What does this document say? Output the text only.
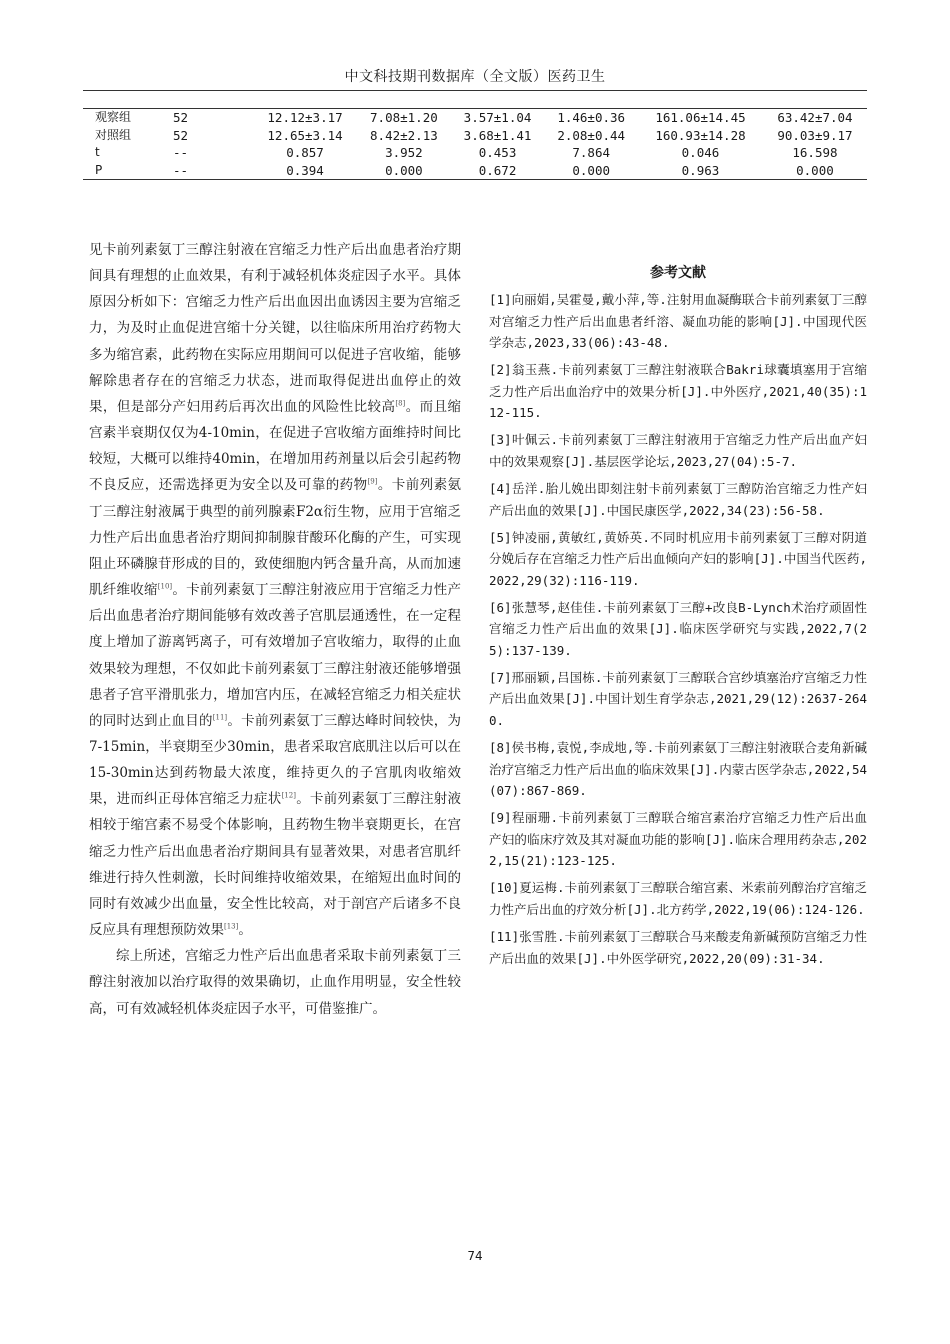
中文科技期刊数据库（全文版）医药卫生
观察组	52	12.12±3.17	7.08±1.20	3.57±1.04	1.46±0.36	161.06±14.45	63.42±7.04
对照组	52	12.65±3.14	8.42±2.13	3.68±1.41	2.08±0.44	160.93±14.28	90.03±9.17
t	--	0.857	3.952	0.453	7.864	0.046	16.598
P	--	0.394	0.000	0.672	0.000	0.963	0.000

见卡前列素氨丁三醇注射液在宫缩乏力性产后出血患者治疗期间具有理想的止血效果，有利于减轻机体炎症因子水平。具体原因分析如下：宫缩乏力性产后出血因出血诱因主要为宫缩乏力，为及时止血促进宫缩十分关键，以往临床所用治疗药物大多为缩宫素，此药物在实际应用期间可以促进子宫收缩，能够解除患者存在的宫缩乏力状态，进而取得促进出血停止的效果，但是部分产妇用药后再次出血的风险性比较高[8]。而且缩宫素半衰期仅仅为4-10min，在促进子宫收缩方面维持时间比较短，大概可以维持40min，在增加用药剂量以后会引起药物不良反应，还需选择更为安全以及可靠的药物[9]。卡前列素氨丁三醇注射液属于典型的前列腺素F2α衍生物，应用于宫缩乏力性产后出血患者治疗期间抑制腺苷酸环化酶的产生，可实现阻止环磷腺苷形成的目的，致使细胞内钙含量升高，从而加速肌纤维收缩[10]。卡前列素氨丁三醇注射液应用于宫缩乏力性产后出血患者治疗期间能够有效改善子宫肌层通透性，在一定程度上增加了游离钙离子，可有效增加子宫收缩力，取得的止血效果较为理想，不仅如此卡前列素氨丁三醇注射液还能够增强患者子宫平滑肌张力，增加宫内压，在减轻宫缩乏力相关症状的同时达到止血目的[11]。卡前列素氨丁三醇达峰时间较快，为7-15min，半衰期至少30min，患者采取宫底肌注以后可以在15-30min达到药物最大浓度，维持更久的子宫肌肉收缩效果，进而纠正母体宫缩乏力症状[12]。卡前列素氨丁三醇注射液相较于缩宫素不易受个体影响，且药物生物半衰期更长，在宫缩乏力性产后出血患者治疗期间具有显著效果，对患者宫肌纤维进行持久性刺激，长时间维持收缩效果，在缩短出血时间的同时有效减少出血量，安全性比较高，对于剖宫产后诸多不良反应具有理想预防效果[13]。

综上所述，宫缩乏力性产后出血患者采取卡前列素氨丁三醇注射液加以治疗取得的效果确切，止血作用明显，安全性较高，可有效减轻机体炎症因子水平，可借鉴推广。

参考文献

[1]向丽娟,吴霍曼,戴小萍,等.注射用血凝酶联合卡前列素氨丁三醇对宫缩乏力性产后出血患者纤溶、凝血功能的影响[J].中国现代医学杂志,2023,33(06):43-48.

[2]翁玉燕.卡前列素氨丁三醇注射液联合Bakri球囊填塞用于宫缩乏力性产后出血治疗中的效果分析[J].中外医疗,2021,40(35):112-115.

[3]叶佩云.卡前列素氨丁三醇注射液用于宫缩乏力性产后出血产妇中的效果观察[J].基层医学论坛,2023,27(04):5-7.

[4]岳洋.胎儿娩出即刻注射卡前列素氨丁三醇防治宫缩乏力性产妇产后出血的效果[J].中国民康医学,2022,34(23):56-58.

[5]钟凌丽,黄敏红,黄娇英.不同时机应用卡前列素氨丁三醇对阴道分娩后存在宫缩乏力性产后出血倾向产妇的影响[J].中国当代医药,2022,29(32):116-119.

[6]张慧琴,赵佳佳.卡前列素氨丁三醇+改良B-Lynch术治疗顽固性宫缩乏力性产后出血的效果[J].临床医学研究与实践,2022,7(25):137-139.

[7]邢丽颖,吕国栋.卡前列素氨丁三醇联合宫纱填塞治疗宫缩乏力性产后出血效果[J].中国计划生育学杂志,2021,29(12):2637-2640.

[8]侯书梅,袁悦,李成地,等.卡前列素氨丁三醇注射液联合麦角新碱治疗宫缩乏力性产后出血的临床效果[J].内蒙古医学杂志,2022,54(07):867-869.

[9]程丽珊.卡前列素氨丁三醇联合缩宫素治疗宫缩乏力性产后出血产妇的临床疗效及其对凝血功能的影响[J].临床合理用药杂志,2022,15(21):123-125.

[10]夏运梅.卡前列素氨丁三醇联合缩宫素、米索前列醇治疗宫缩乏力性产后出血的疗效分析[J].北方药学,2022,19(06):124-126.

[11]张雪胜.卡前列素氨丁三醇联合马来酸麦角新碱预防宫缩乏力性产后出血的效果[J].中外医学研究,2022,20(09):31-34.

74
